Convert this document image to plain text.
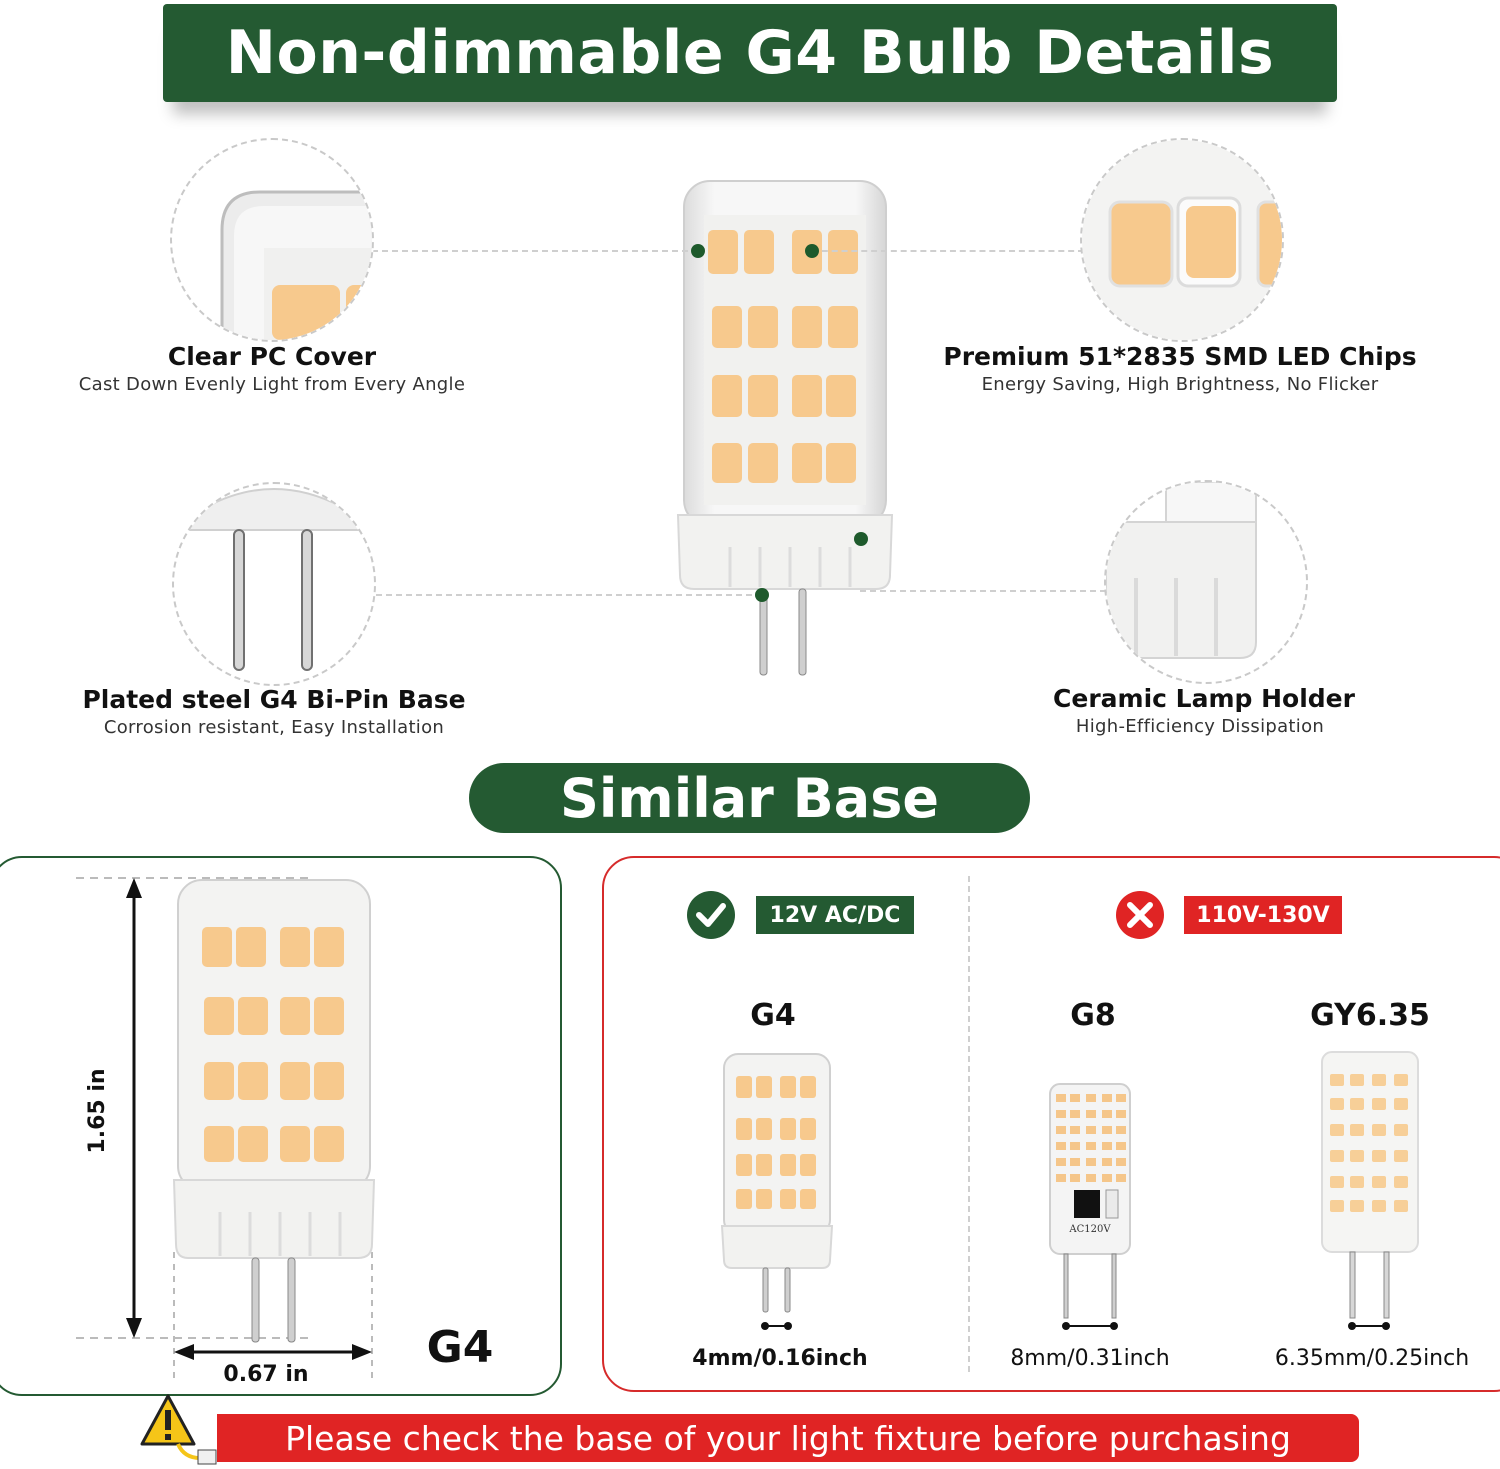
Non-dimmable G4 Bulb Details
Clear PC Cover
Cast Down Evenly Light from Every Angle
Premium 51*2835 SMD LED Chips
Energy Saving, High Brightness, No Flicker
Plated steel G4 Bi-Pin Base
Corrosion resistant, Easy Installation
Ceramic Lamp Holder
High-Efficiency Dissipation
Similar Base
1.65 in
0.67 in
G4
12V AC/DC	110V-130V
G4	G8	GY6.35
AC120V
4mm/0.16inch	8mm/0.31inch	6.35mm/0.25inch
Please check the base of your light fixture before purchasing
